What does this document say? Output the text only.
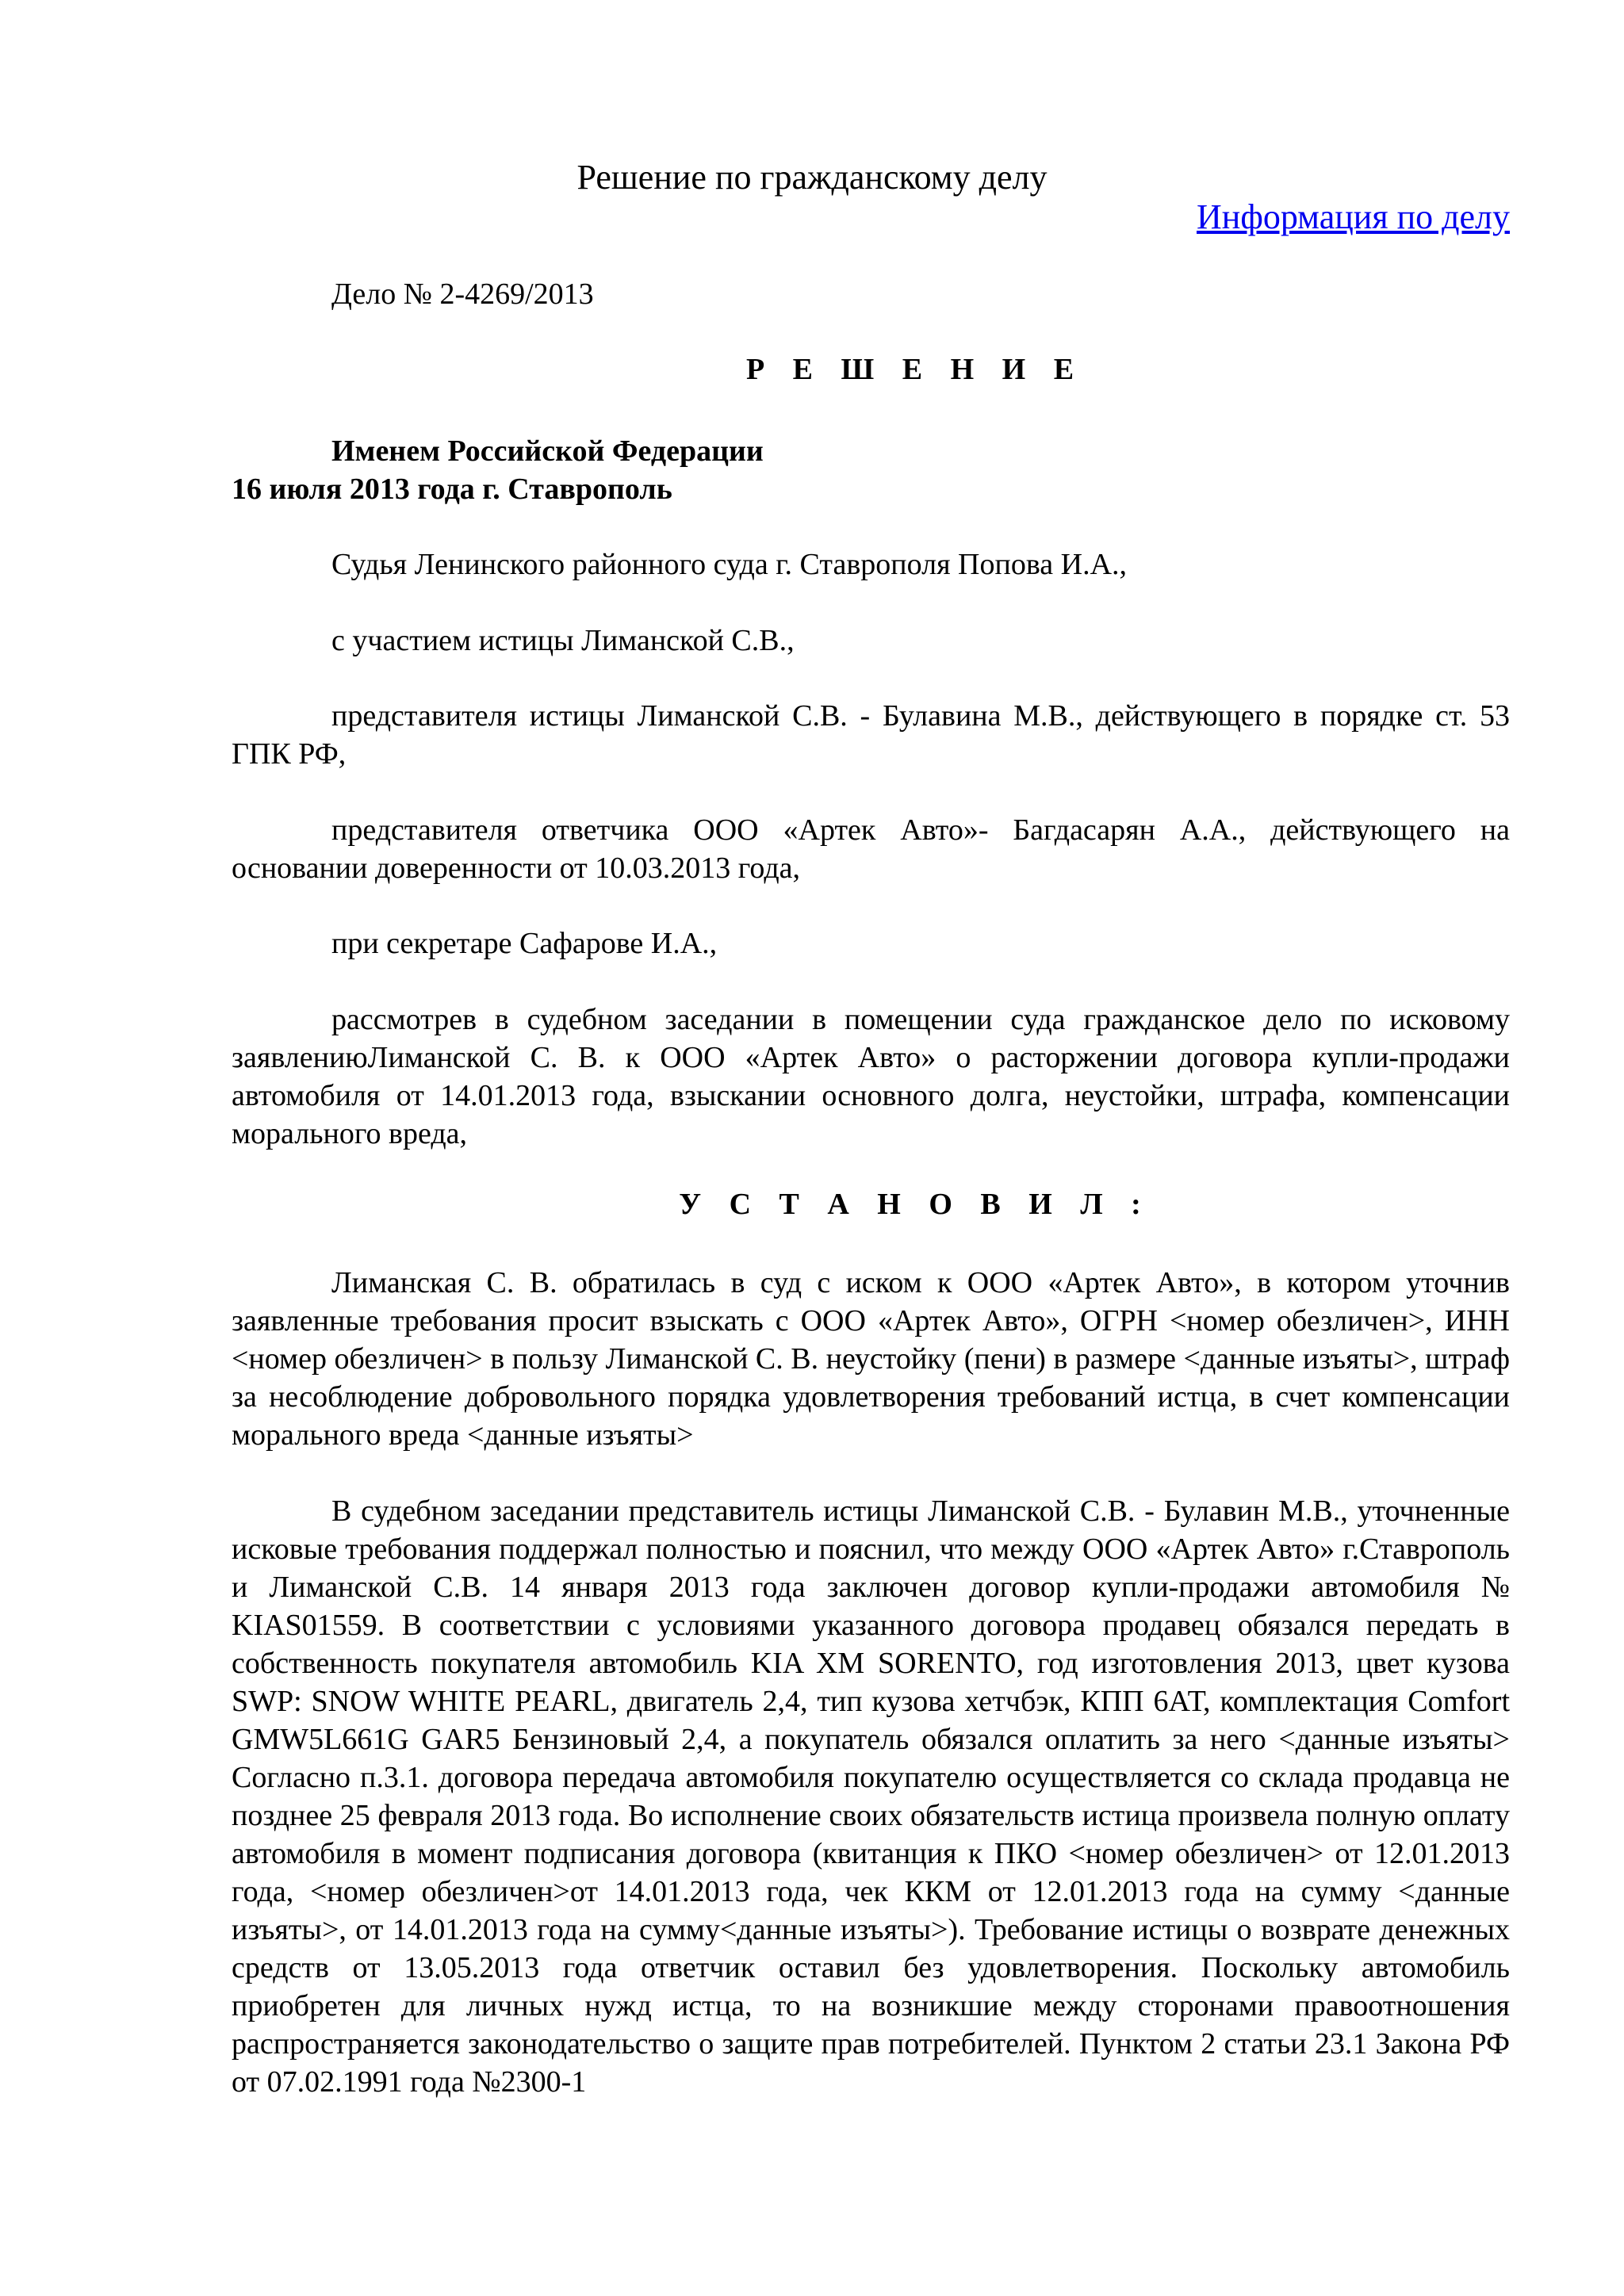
Решение по гражданскому делу
Информация по делу
Дело № 2-4269/2013
Р Е Ш Е Н И Е
Именем Российской Федерации
16 июля 2013 года г. Ставрополь

Судья Ленинского районного суда г. Ставрополя Попова И.А.,

с участием истицы Лиманской С.В.,

представителя истицы Лиманской С.В. - Булавина М.В., действующего в порядке ст. 53 ГПК РФ,

представителя ответчика ООО «Артек Авто»- Багдасарян А.А., действующего на основании доверенности от 10.03.2013 года,

при секретаре Сафарове И.А.,

рассмотрев в судебном заседании в помещении суда гражданское дело по исковому заявлениюЛиманской С. В. к ООО «Артек Авто» о расторжении договора купли-продажи автомобиля от 14.01.2013 года, взыскании основного долга, неустойки, штрафа, компенсации морального вреда,

У С Т А Н О В И Л :

Лиманская С. В. обратилась в суд с иском к ООО «Артек Авто», в котором уточнив заявленные требования просит взыскать с ООО «Артек Авто», ОГРН <номер обезличен>, ИНН <номер обезличен> в пользу Лиманской С. В. неустойку (пени) в размере <данные изъяты>, штраф за несоблюдение добровольного порядка удовлетворения требований истца, в счет компенсации морального вреда <данные изъяты>

В судебном заседании представитель истицы Лиманской С.В. - Булавин М.В., уточненные исковые требования поддержал полностью и пояснил, что между ООО «Артек Авто» г.Ставрополь и Лиманской С.В. 14 января 2013 года заключен договор купли-продажи автомобиля № KIAS01559. В соответствии с условиями указанного договора продавец обязался передать в собственность покупателя автомобиль KIA XM SORENTO, год изготовления 2013, цвет кузова SWP: SNOW WHITE PEARL, двигатель 2,4, тип кузова хетчбэк, КПП 6АТ, комплектация Comfort GMW5L661G GAR5 Бензиновый 2,4, а покупатель обязался оплатить за него <данные изъяты> Согласно п.3.1. договора передача автомобиля покупателю осуществляется со склада продавца не позднее 25 февраля 2013 года. Во исполнение своих обязательств истица произвела полную оплату автомобиля в момент подписания договора (квитанция к ПКО <номер обезличен> от 12.01.2013 года, <номер обезличен>от 14.01.2013 года, чек ККМ от 12.01.2013 года на сумму <данные изъяты>, от 14.01.2013 года на сумму<данные изъяты>). Требование истицы о возврате денежных средств от 13.05.2013 года ответчик оставил без удовлетворения. Поскольку автомобиль приобретен для личных нужд истца, то на возникшие между сторонами правоотношения распространяется законодательство о защите прав потребителей. Пунктом 2 статьи 23.1 Закона РФ от 07.02.1991 года №2300-1
